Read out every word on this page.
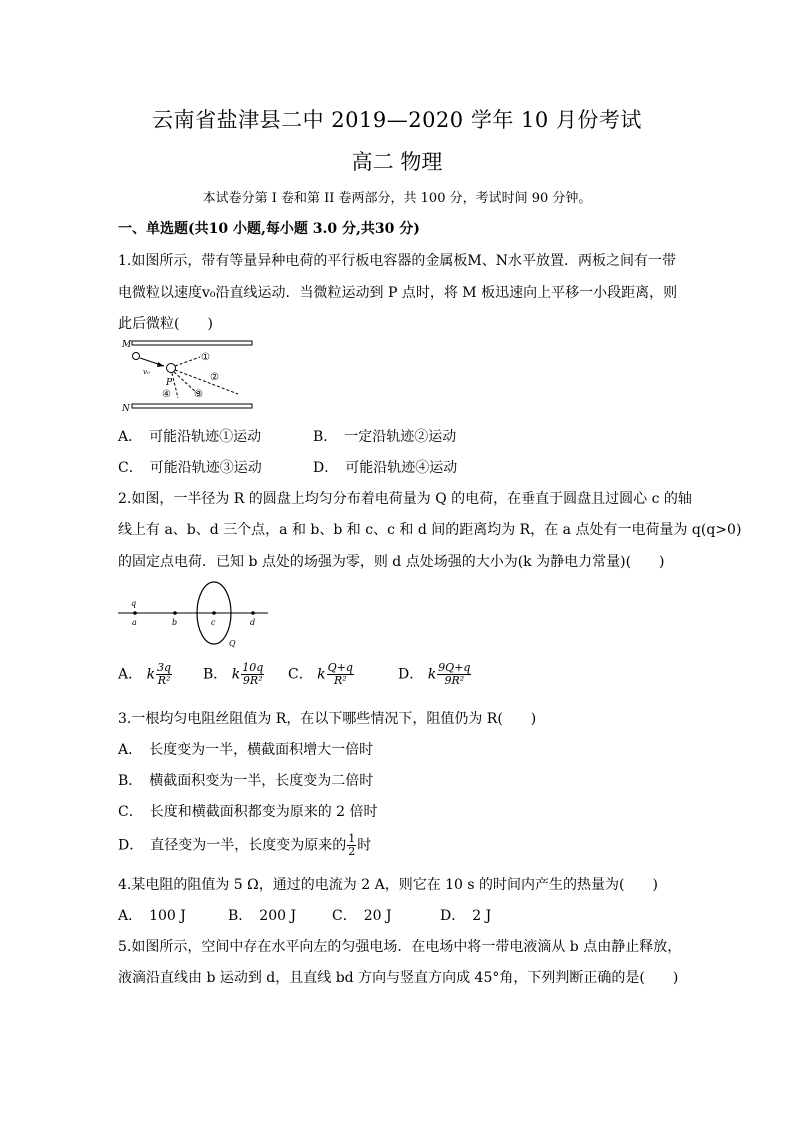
云南省盐津县二中 2019—2020 学年 10 月份考试
高二 物理
本试卷分第 I 卷和第 II 卷两部分，共 100 分，考试时间 90 分钟。
一、单选题(共10 小题,每小题 3.0 分,共30 分)
1.如图所示，带有等量异种电荷的平行板电容器的金属板M、N水平放置．两板之间有一带
电微粒以速度v₀沿直线运动．当微粒运动到 P 点时，将 M 板迅速向上平移一小段距离，则
此后微粒(　　)
M
N
v₀
P
①
②
③
④
A．　可能沿轨迹①运动	B．　一定沿轨迹②运动
C．　可能沿轨迹③运动	D．　可能沿轨迹④运动
2.如图，一半径为 R 的圆盘上均匀分布着电荷量为 Q 的电荷，在垂直于圆盘且过圆心 c 的轴
线上有 a、b、d 三个点，a 和 b、b 和 c、c 和 d 间的距离均为 R，在 a 点处有一电荷量为 q(q>0)
的固定点电荷．已知 b 点处的场强为零，则 d 点处场强的大小为(k 为静电力常量)(　　)
q
a	b	c	d
Q
A． k $\frac{3q}{\text{R²}}$ B． k $\frac{10q}{\text{9R²}}$ C． k $\frac{Q+q}{\text{R²}}$	D． k $\frac{9Q+q}{\text{9R²}}$
3.一根均匀电阻丝阻值为 R，在以下哪些情况下，阻值仍为 R(　　)
A．　长度变为一半，横截面积增大一倍时
B．　横截面积变为一半，长度变为二倍时
C．　长度和横截面积都变为原来的 2 倍时
D．　直径变为一半，长度变为原来的 $\frac{1}{2}$ 时
4.某电阻的阻值为 5 Ω，通过的电流为 2 A，则它在 10 s 的时间内产生的热量为(　　)
A．　100 J	B．　200 J	C．　20 J	D．　2 J
5.如图所示，空间中存在水平向左的匀强电场．在电场中将一带电液滴从 b 点由静止释放，
液滴沿直线由 b 运动到 d，且直线 bd 方向与竖直方向成 45°角，下列判断正确的是(　　)
